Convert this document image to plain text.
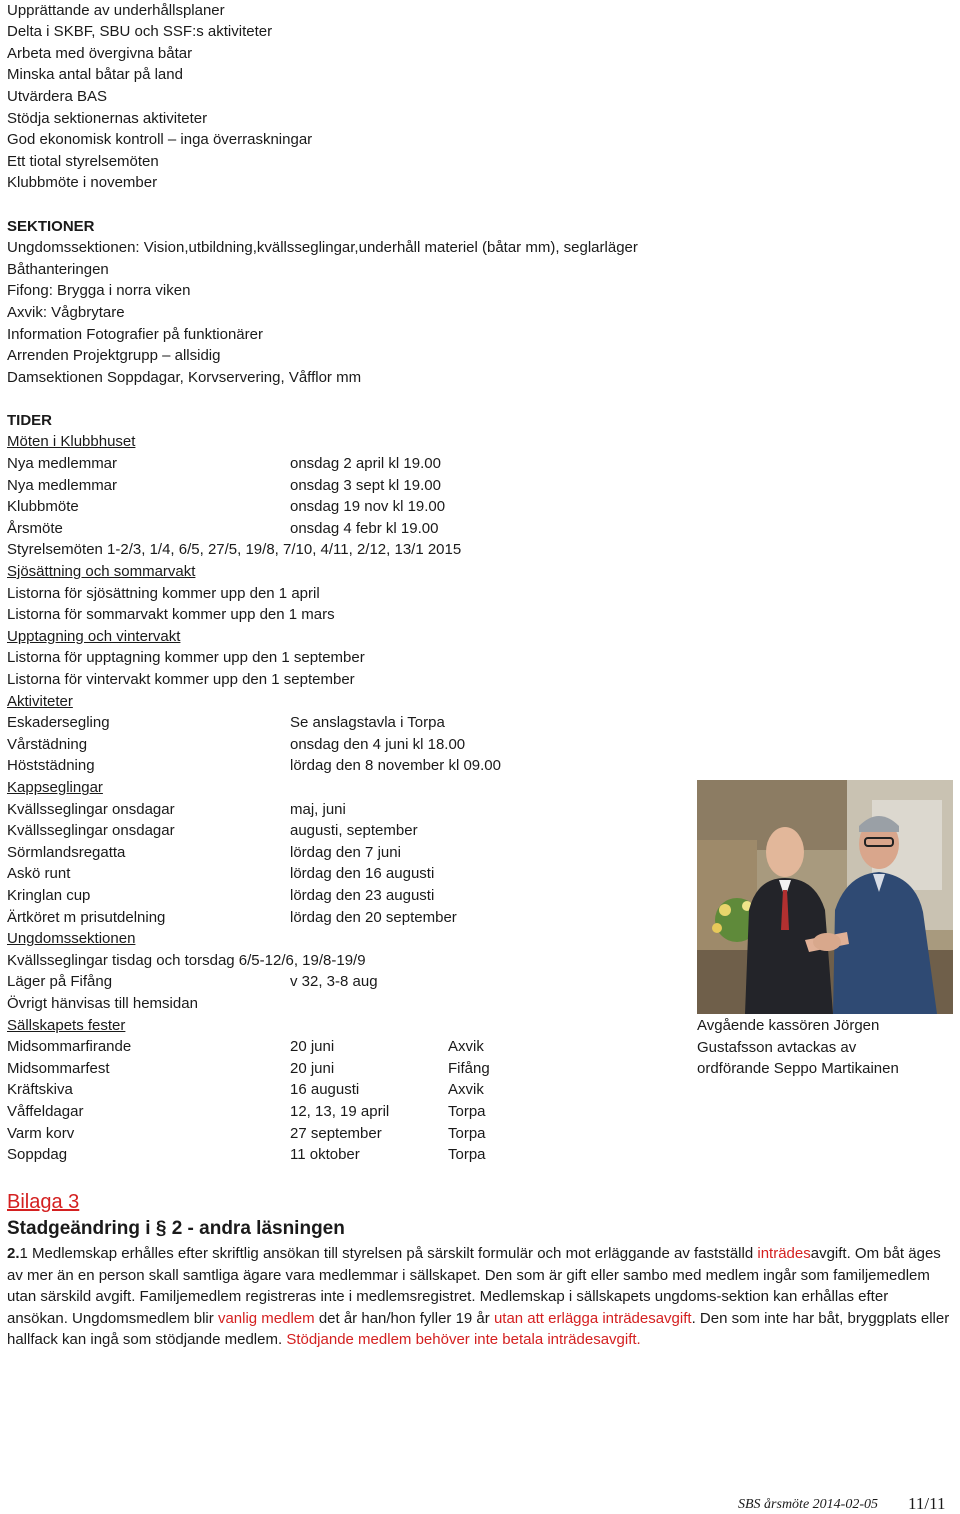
Upprättande av underhållsplaner
Delta i SKBF, SBU och SSF:s aktiviteter
Arbeta med övergivna båtar
Minska antal båtar på land
Utvärdera BAS
Stödja sektionernas aktiviteter
God ekonomisk kontroll – inga överraskningar
Ett tiotal styrelsemöten
Klubbmöte i november
SEKTIONER
Ungdomssektionen: Vision,utbildning,kvällsseglingar,underhåll materiel (båtar mm), seglarläger
Båthanteringen
Fifong: Brygga i norra viken
Axvik: Vågbrytare
Information Fotografier på funktionärer
Arrenden Projektgrupp – allsidig
Damsektionen Soppdagar, Korvservering, Våfflor mm
TIDER
Möten i Klubbhuset
Nya medlemmar	onsdag 2 april kl 19.00
Nya medlemmar	onsdag 3 sept kl 19.00
Klubbmöte	onsdag 19 nov kl 19.00
Årsmöte	onsdag 4 febr kl 19.00
Styrelsemöten 1-2/3, 1/4, 6/5, 27/5, 19/8, 7/10, 4/11, 2/12, 13/1 2015
Sjösättning och sommarvakt
Listorna för sjösättning kommer upp den 1 april
Listorna för sommarvakt kommer upp den 1 mars
Upptagning och vintervakt
Listorna för upptagning kommer upp den 1 september
Listorna för vintervakt kommer upp den 1 september
Aktiviteter
Eskadersegling	Se anslagstavla i Torpa
Vårstädning	onsdag den 4 juni kl 18.00
Höststädning	lördag den 8 november kl 09.00
Kappseglingar
Kvällsseglingar onsdagar	maj, juni
Kvällsseglingar onsdagar	augusti, september
Sörmlandsregatta	lördag den 7 juni
Askö runt	lördag den 16 augusti
Kringlan cup	lördag den 23 augusti
Ärtköret m prisutdelning	lördag den 20 september
Ungdomssektionen
Kvällsseglingar tisdag och torsdag 6/5-12/6, 19/8-19/9
Läger på Fifång	v 32, 3-8 aug
Övrigt hänvisas till hemsidan
Sällskapets fester
Midsommarfirande	20 juni	Axvik
Midsommarfest	20 juni	Fifång
Kräftskiva	16 augusti	Axvik
Våffeldagar	12, 13, 19 april	Torpa
Varm korv	27 september	Torpa
Soppdag	11 oktober	Torpa
Avgående kassören Jörgen
Gustafsson avtackas av
ordförande Seppo Martikainen
Bilaga 3
Stadgeändring i § 2 - andra läsningen
2.1 Medlemskap erhålles efter skriftlig ansökan till styrelsen på särskilt formulär och mot erläggande av fastställd inträdesavgift. Om båt äges av mer än en person skall samtliga ägare vara medlemmar i sällskapet. Den som är gift eller sambo med medlem ingår som familjemedlem utan särskild avgift. Familjemedlem registreras inte i medlemsregistret. Medlemskap i sällskapets ungdoms-sektion kan erhållas efter ansökan. Ungdomsmedlem blir vanlig medlem det år han/hon fyller 19 år utan att erlägga inträdesavgift. Den som inte har båt, bryggplats eller hallfack kan ingå som stödjande medlem. Stödjande medlem behöver inte betala inträdesavgift.
SBS årsmöte 2014-02-05 11/11
